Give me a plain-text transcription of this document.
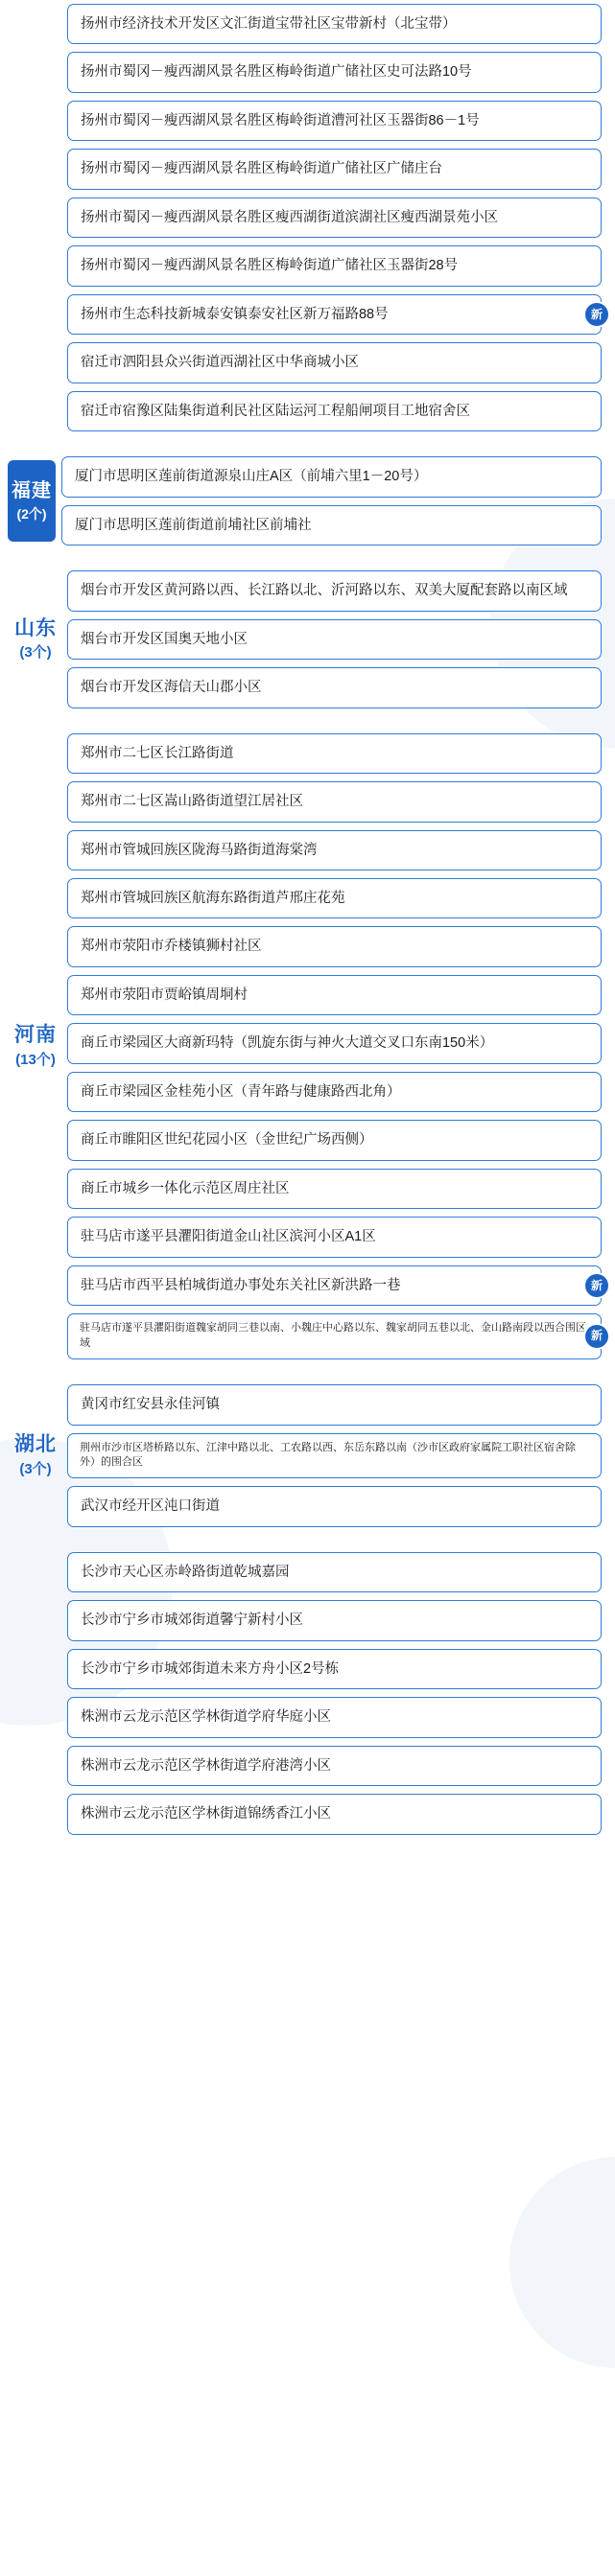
扬州市经济技术开发区文汇街道宝带社区宝带新村（北宝带）
扬州市蜀冈－瘦西湖风景名胜区梅岭街道广储社区史可法路10号
扬州市蜀冈－瘦西湖风景名胜区梅岭街道漕河社区玉器街86－1号
扬州市蜀冈－瘦西湖风景名胜区梅岭街道广储社区广储庄台
扬州市蜀冈－瘦西湖风景名胜区瘦西湖街道滨湖社区瘦西湖景苑小区
扬州市蜀冈－瘦西湖风景名胜区梅岭街道广储社区玉器街28号
扬州市生态科技新城泰安镇泰安社区新万福路88号	新
宿迁市泗阳县众兴街道西湖社区中华商城小区
宿迁市宿豫区陆集街道利民社区陆运河工程船闸项目工地宿舍区
福建
(2个)
厦门市思明区莲前街道源泉山庄A区（前埔六里1－20号）
厦门市思明区莲前街道前埔社区前埔社
山东
(3个)
烟台市开发区黄河路以西、长江路以北、沂河路以东、双美大厦配套路以南区域
烟台市开发区国奥天地小区
烟台市开发区海信天山郡小区
河南
(13个)
郑州市二七区长江路街道
郑州市二七区嵩山路街道望江居社区
郑州市管城回族区陇海马路街道海棠湾
郑州市管城回族区航海东路街道芦邢庄花苑
郑州市荥阳市乔楼镇狮村社区
郑州市荥阳市贾峪镇周垌村
商丘市梁园区大商新玛特（凯旋东街与神火大道交叉口东南150米）
商丘市梁园区金桂苑小区（青年路与健康路西北角）
商丘市睢阳区世纪花园小区（金世纪广场西侧）
商丘市城乡一体化示范区周庄社区
驻马店市遂平县灈阳街道金山社区滨河小区A1区
驻马店市西平县柏城街道办事处东关社区新洪路一巷	新
驻马店市遂平县灈阳街道魏家胡同三巷以南、小魏庄中心路以东、魏家胡同五巷以北、金山路南段以西合围区域
新
湖北
(3个)
黄冈市红安县永佳河镇
荆州市沙市区塔桥路以东、江津中路以北、工农路以西、东岳东路以南（沙市区政府家属院工职社区宿舍除外）的围合区
武汉市经开区沌口街道
长沙市天心区赤岭路街道乾城嘉园
长沙市宁乡市城郊街道馨宁新村小区
长沙市宁乡市城郊街道未来方舟小区2号栋
株洲市云龙示范区学林街道学府华庭小区
株洲市云龙示范区学林街道学府港湾小区
株洲市云龙示范区学林街道锦绣香江小区
